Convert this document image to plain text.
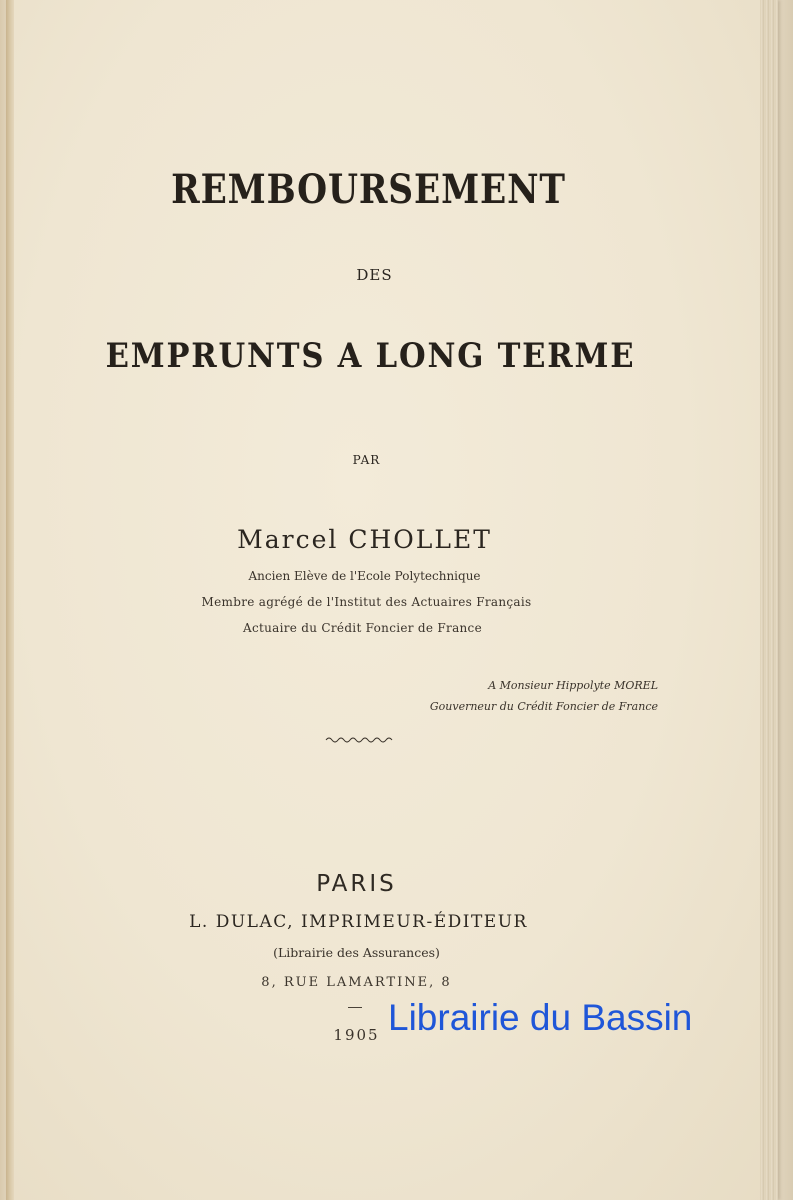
REMBOURSEMENT

DES

EMPRUNTS A LONG TERME

PAR

Marcel CHOLLET

Ancien Elève de l'Ecole Polytechnique

Membre agrégé de l'Institut des Actuaires Français

Actuaire du Crédit Foncier de France

A Monsieur Hippolyte MOREL

Gouverneur du Crédit Foncier de France

PARIS

L. DULAC, IMPRIMEUR-ÉDITEUR

(Librairie des Assurances)

8, RUE LAMARTINE, 8

1905 Librairie du Bassin
